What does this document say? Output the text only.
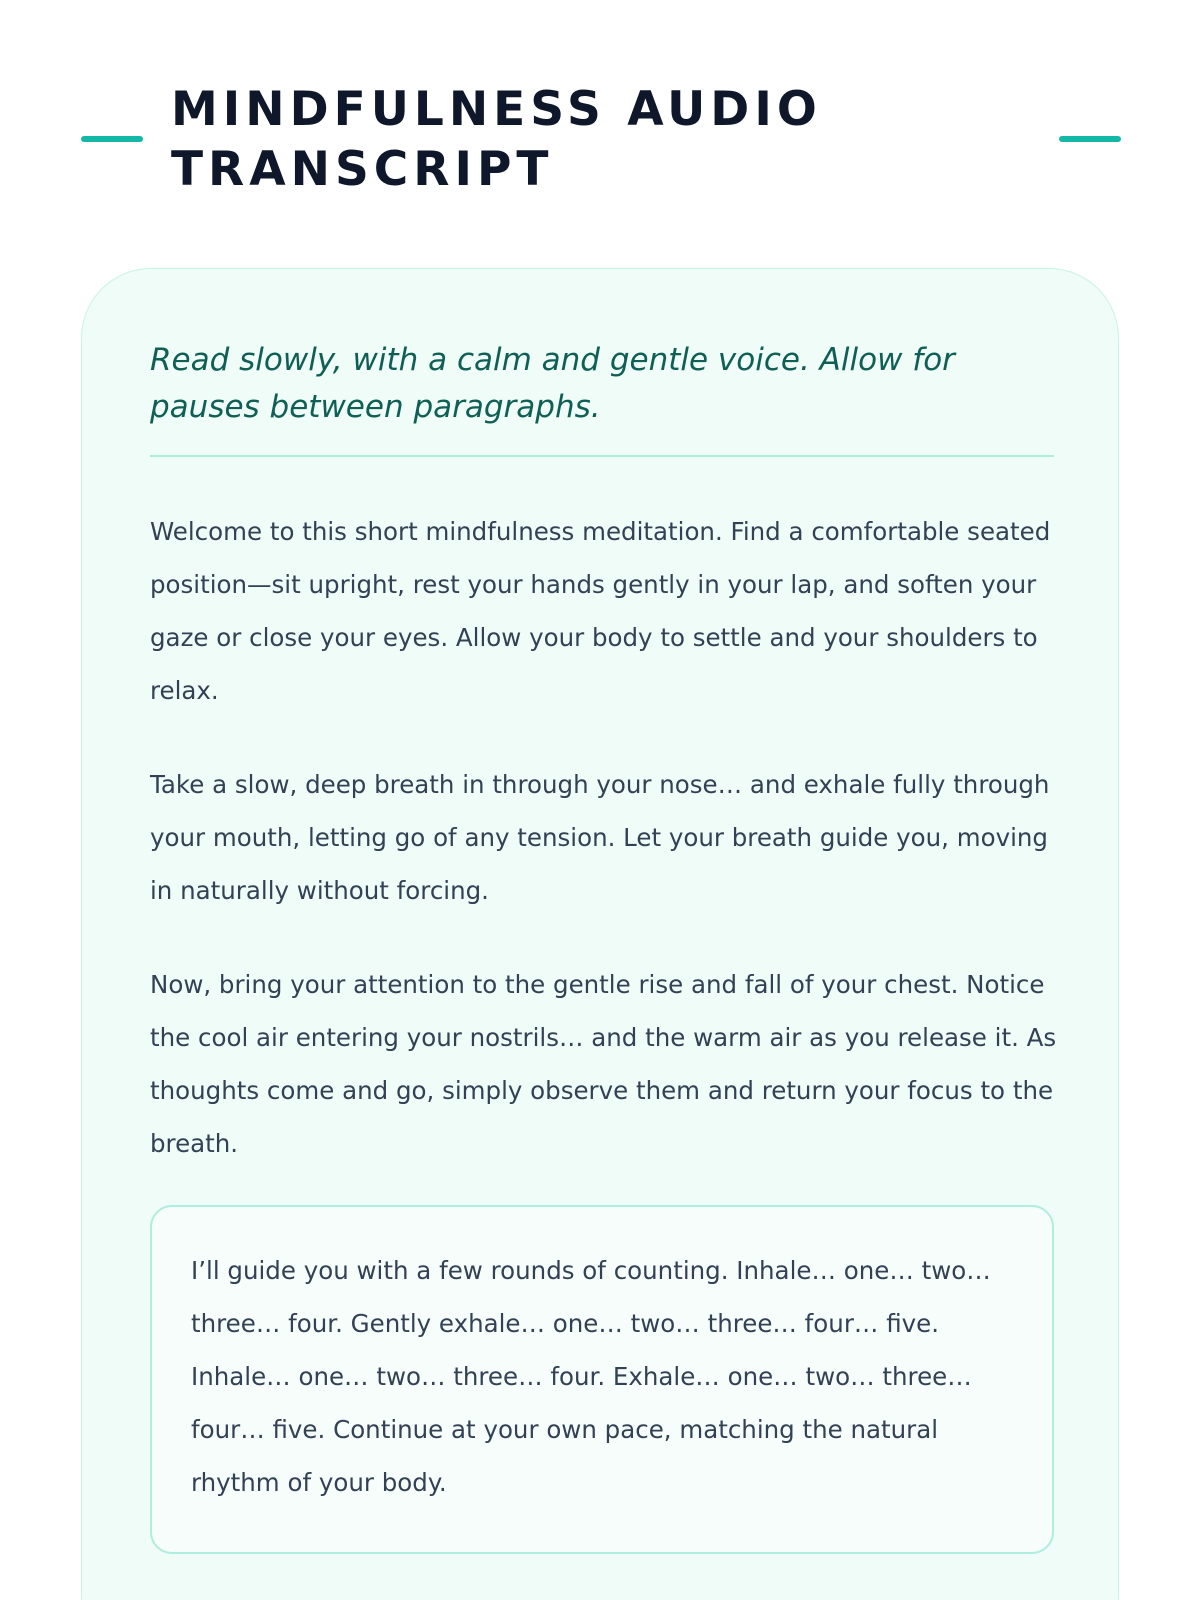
MINDFULNESS AUDIO TRANSCRIPT

Read slowly, with a calm and gentle voice. Allow for pauses between paragraphs.

Welcome to this short mindfulness meditation. Find a comfortable seated position—sit upright, rest your hands gently in your lap, and soften your gaze or close your eyes. Allow your body to settle and your shoulders to relax.

Take a slow, deep breath in through your nose… and exhale fully through your mouth, letting go of any tension. Let your breath guide you, moving in naturally without forcing.

Now, bring your attention to the gentle rise and fall of your chest. Notice the cool air entering your nostrils… and the warm air as you release it. As thoughts come and go, simply observe them and return your focus to the breath.

I’ll guide you with a few rounds of counting. Inhale… one… two… three… four. Gently exhale… one… two… three… four… five. Inhale… one… two… three… four. Exhale… one… two… three… four… five. Continue at your own pace, matching the natural rhythm of your body.
